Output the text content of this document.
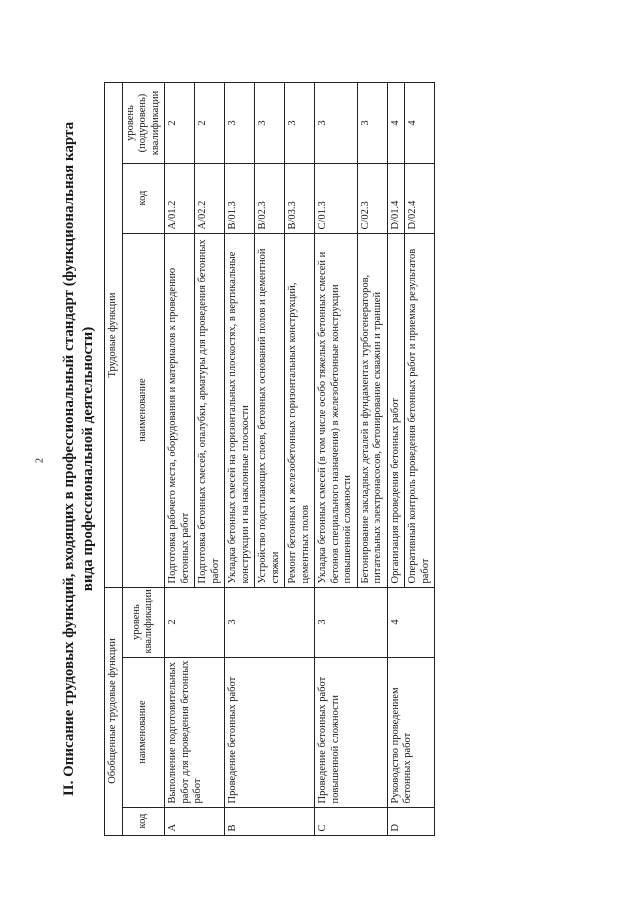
2 II. Описание трудовых функций, входящих в профессиональный стандарт (функциональная карта вида профессиональной деятельности)
Обобщенные трудовые функции			Трудовые функции		
код	наименование	уровень квалификации	наименование	код	уровень (подуровень) квалификации
A	Выполнение подготовительных работ для проведения бетонных работ	2	Подготовка рабочего места, оборудования и материалов к проведению бетонных работ	A/01.2	2
			Подготовка бетонных смесей, опалубки, арматуры для проведения бетонных работ	A/02.2	2
B	Проведение бетонных работ	3	Укладка бетонных смесей на горизонтальных плоскостях, в вертикальные конструкции и на наклонные плоскости	B/01.3	3
			Устройство подстилающих слоев, бетонных оснований полов и цементной стяжки	B/02.3	3
			Ремонт бетонных и железобетонных горизонтальных конструкций, цементных полов	B/03.3	3
C	Проведение бетонных работ повышенной сложности	3	Укладка бетонных смесей (в том числе особо тяжелых бетонных смесей и бетонов специального назначения) в железобетонные конструкции повышенной сложности	C/01.3	3
			Бетонирование закладных деталей в фундаментах турбогенераторов, питательных электронасосов, бетонирование скважин и траншей	C/02.3	3
D	Руководство проведением бетонных работ	4	Организация проведения бетонных работ	D/01.4	4
			Оперативный контроль проведения бетонных работ и приемка результатов работ	D/02.4	4
